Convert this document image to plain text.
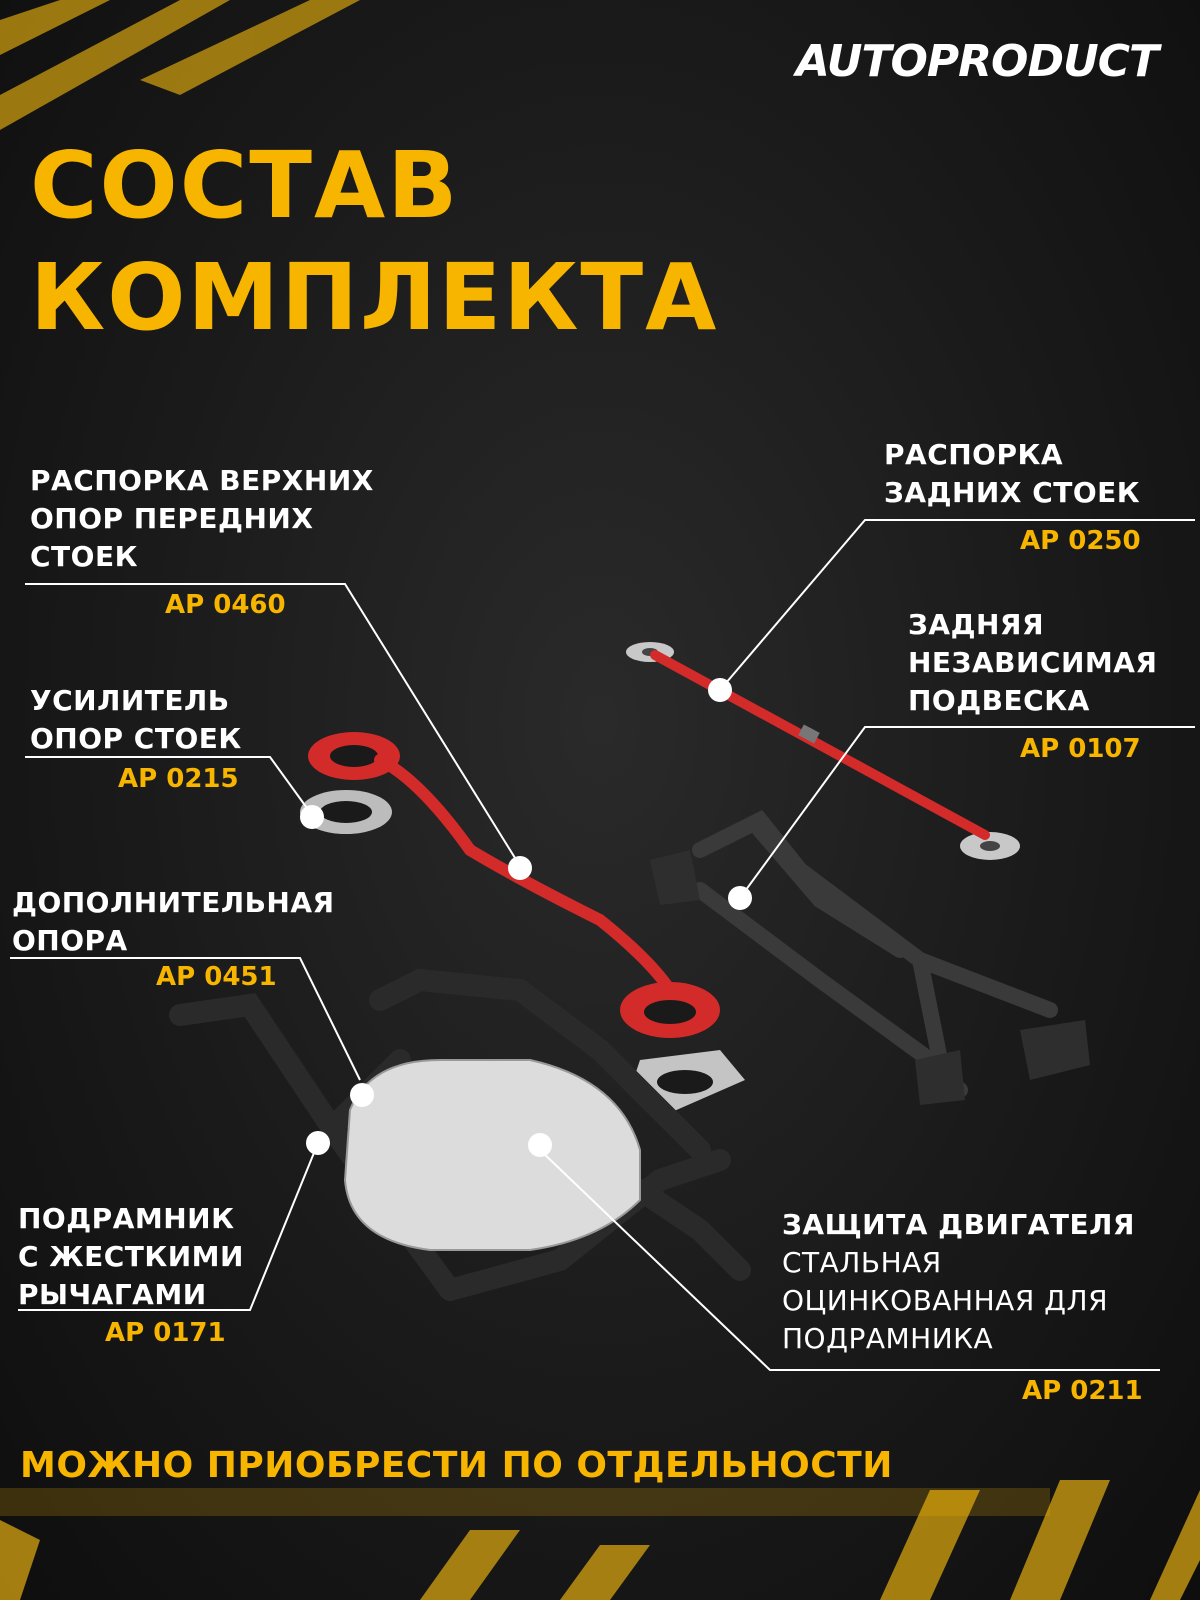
AUTOPRODUCT
СОСТАВ
КОМПЛЕКТА
РАСПОРКА ВЕРХНИХ
ОПОР ПЕРЕДНИХ
СТОЕК
AP 0460
УСИЛИТЕЛЬ
ОПОР СТОЕК
AP 0215
ДОПОЛНИТЕЛЬНАЯ
ОПОРА
AP 0451
ПОДРАМНИК
С ЖЕСТКИМИ
РЫЧАГАМИ
AP 0171
РАСПОРКА
ЗАДНИХ СТОЕК
AP 0250
ЗАДНЯЯ
НЕЗАВИСИМАЯ
ПОДВЕСКА
AP 0107
ЗАЩИТА ДВИГАТЕЛЯ
СТАЛЬНАЯ
ОЦИНКОВАННАЯ ДЛЯ
ПОДРАМНИКА
AP 0211
МОЖНО ПРИОБРЕСТИ ПО ОТДЕЛЬНОСТИ
